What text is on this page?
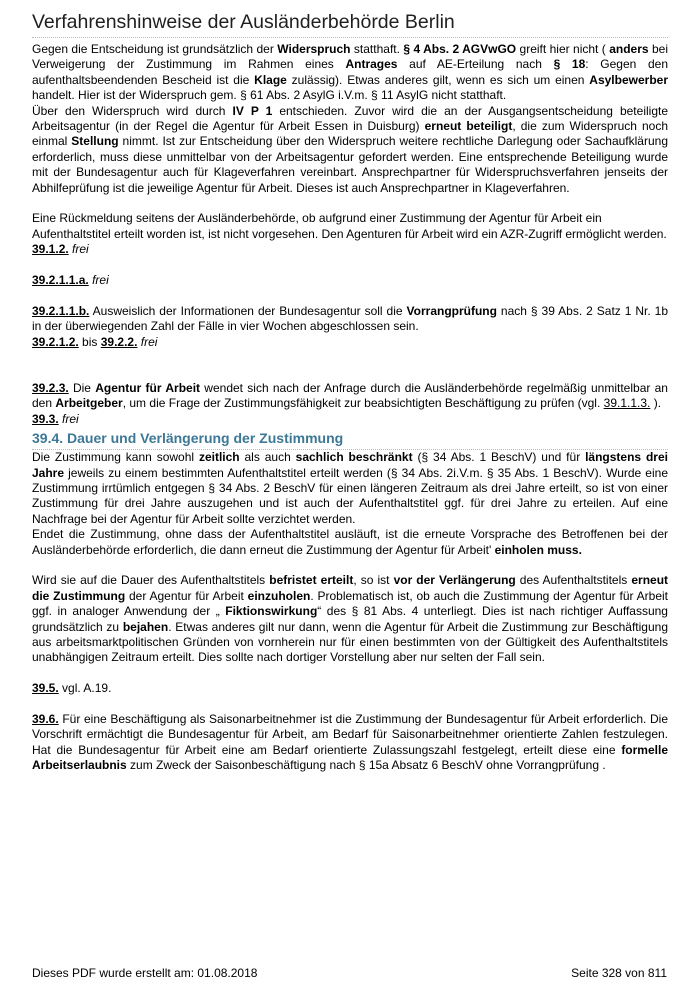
Verfahrenshinweise der Ausländerbehörde Berlin

Gegen die Entscheidung ist grundsätzlich der Widerspruch statthaft. § 4 Abs. 2 AGVwGO greift hier nicht ( anders bei Verweigerung der Zustimmung im Rahmen eines Antrages auf AE-Erteilung nach § 18: Gegen den aufenthaltsbeendenden Bescheid ist die Klage zulässig). Etwas anderes gilt, wenn es sich um einen Asylbewerber handelt. Hier ist der Widerspruch gem. § 61 Abs. 2 AsylG i.V.m. § 11 AsylG nicht statthaft.

Über den Widerspruch wird durch IV P 1 entschieden. Zuvor wird die an der Ausgangsentscheidung beteiligte Arbeitsagentur (in der Regel die Agentur für Arbeit Essen in Duisburg) erneut beteiligt, die zum Widerspruch noch einmal Stellung nimmt. Ist zur Entscheidung über den Widerspruch weitere rechtliche Darlegung oder Sachaufklärung erforderlich, muss diese unmittelbar von der Arbeitsagentur gefordert werden. Eine entsprechende Beteiligung wurde mit der Bundesagentur auch für Klageverfahren vereinbart. Ansprechpartner für Widerspruchsverfahren jenseits der Abhilfeprüfung ist die jeweilige Agentur für Arbeit. Dieses ist auch Ansprechpartner in Klageverfahren.

Eine Rückmeldung seitens der Ausländerbehörde, ob aufgrund einer Zustimmung der Agentur für Arbeit ein Aufenthaltstitel erteilt worden ist, ist nicht vorgesehen. Den Agenturen für Arbeit wird ein AZR-Zugriff ermöglicht werden.

39.1.2. frei

39.2.1.1.a. frei

39.2.1.1.b. Ausweislich der Informationen der Bundesagentur soll die Vorrangprüfung nach § 39 Abs. 2 Satz 1 Nr. 1b in der überwiegenden Zahl der Fälle in vier Wochen abgeschlossen sein.

39.2.1.2. bis 39.2.2. frei

39.2.3. Die Agentur für Arbeit wendet sich nach der Anfrage durch die Ausländerbehörde regelmäßig unmittelbar an den Arbeitgeber, um die Frage der Zustimmungsfähigkeit zur beabsichtigten Beschäftigung zu prüfen (vgl. 39.1.1.3. ).

39.3. frei

39.4. Dauer und Verlängerung der Zustimmung

Die Zustimmung kann sowohl zeitlich als auch sachlich beschränkt (§ 34 Abs. 1 BeschV) und für längstens drei Jahre jeweils zu einem bestimmten Aufenthaltstitel erteilt werden (§ 34 Abs. 2i.V.m. § 35 Abs. 1 BeschV). Wurde eine Zustimmung irrtümlich entgegen § 34 Abs. 2 BeschV für einen längeren Zeitraum als drei Jahre erteilt, so ist von einer Zustimmung für drei Jahre auszugehen und ist auch der Aufenthaltstitel ggf. für drei Jahre zu erteilen. Auf eine Nachfrage bei der Agentur für Arbeit sollte verzichtet werden.

Endet die Zustimmung, ohne dass der Aufenthaltstitel ausläuft, ist die erneute Vorsprache des Betroffenen bei der Ausländerbehörde erforderlich, die dann erneut die Zustimmung der Agentur für Arbeit' einholen muss.

Wird sie auf die Dauer des Aufenthaltstitels befristet erteilt, so ist vor der Verlängerung des Aufenthaltstitels erneut die Zustimmung der Agentur für Arbeit einzuholen. Problematisch ist, ob auch die Zustimmung der Agentur für Arbeit ggf. in analoger Anwendung der „ Fiktionswirkung“ des § 81 Abs. 4 unterliegt. Dies ist nach richtiger Auffassung grundsätzlich zu bejahen. Etwas anderes gilt nur dann, wenn die Agentur für Arbeit die Zustimmung zur Beschäftigung aus arbeitsmarktpolitischen Gründen von vornherein nur für einen bestimmten von der Gültigkeit des Aufenthaltstitels unabhängigen Zeitraum erteilt. Dies sollte nach dortiger Vorstellung aber nur selten der Fall sein.

39.5. vgl. A.19.

39.6. Für eine Beschäftigung als Saisonarbeitnehmer ist die Zustimmung der Bundesagentur für Arbeit erforderlich. Die Vorschrift ermächtigt die Bundesagentur für Arbeit, am Bedarf für Saisonarbeitnehmer orientierte Zahlen festzulegen. Hat die Bundesagentur für Arbeit eine am Bedarf orientierte Zulassungszahl festgelegt, erteilt diese eine formelle Arbeitserlaubnis zum Zweck der Saisonbeschäftigung nach § 15a Absatz 6 BeschV ohne Vorrangprüfung .

Dieses PDF wurde erstellt am: 01.08.2018	Seite 328 von 811
